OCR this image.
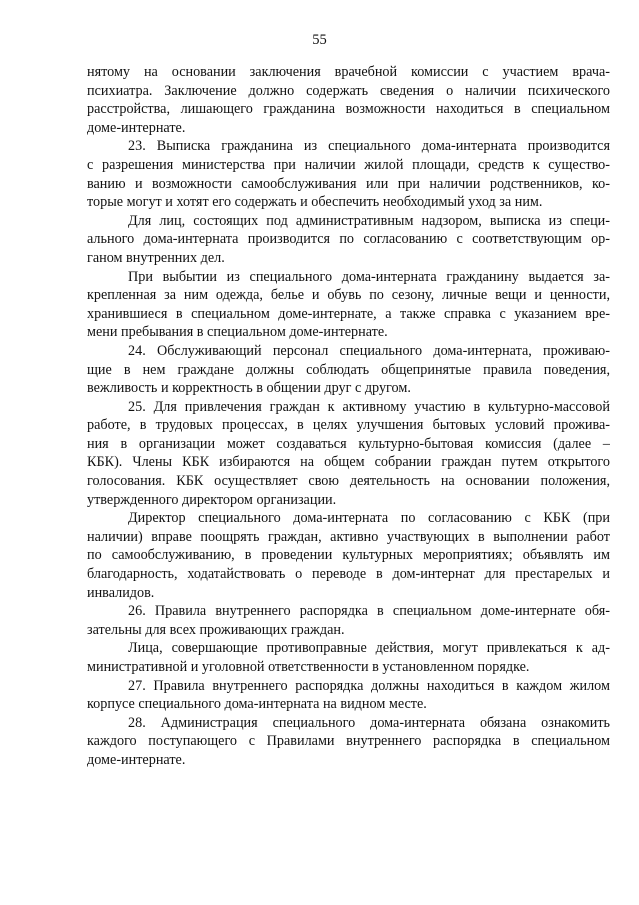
55
нятому на основании заключения врачебной комиссии с участием врача-
психиатра. Заключение должно содержать сведения о наличии психического
расстройства, лишающего гражданина возможности находиться в специальном
доме-интернате.
23. Выписка гражданина из специального дома-интерната производится
с разрешения министерства при наличии жилой площади, средств к существо-
ванию и возможности самообслуживания или при наличии родственников, ко-
торые могут и хотят его содержать и обеспечить необходимый уход за ним.
Для лиц, состоящих под административным надзором, выписка из специ-
ального дома-интерната производится по согласованию с соответствующим ор-
ганом внутренних дел.
При выбытии из специального дома-интерната гражданину выдается за-
крепленная за ним одежда, белье и обувь по сезону, личные вещи и ценности,
хранившиеся в специальном доме-интернате, а также справка с указанием вре-
мени пребывания в специальном доме-интернате.
24. Обслуживающий персонал специального дома-интерната, проживаю-
щие в нем граждане должны соблюдать общепринятые правила поведения,
вежливость и корректность в общении друг с другом.
25. Для привлечения граждан к активному участию в культурно-массовой
работе, в трудовых процессах, в целях улучшения бытовых условий прожива-
ния в организации может создаваться культурно-бытовая комиссия (далее –
КБК). Члены КБК избираются на общем собрании граждан путем открытого
голосования. КБК осуществляет свою деятельность на основании положения,
утвержденного директором организации.
Директор специального дома-интерната по согласованию с КБК (при
наличии) вправе поощрять граждан, активно участвующих в выполнении работ
по самообслуживанию, в проведении культурных мероприятиях; объявлять им
благодарность, ходатайствовать о переводе в дом-интернат для престарелых и
инвалидов.
26. Правила внутреннего распорядка в специальном доме-интернате обя-
зательны для всех проживающих граждан.
Лица, совершающие противоправные действия, могут привлекаться к ад-
министративной и уголовной ответственности в установленном порядке.
27. Правила внутреннего распорядка должны находиться в каждом жилом
корпусе специального дома-интерната на видном месте.
28. Администрация специального дома-интерната обязана ознакомить
каждого поступающего с Правилами внутреннего распорядка в специальном
доме-интернате.
